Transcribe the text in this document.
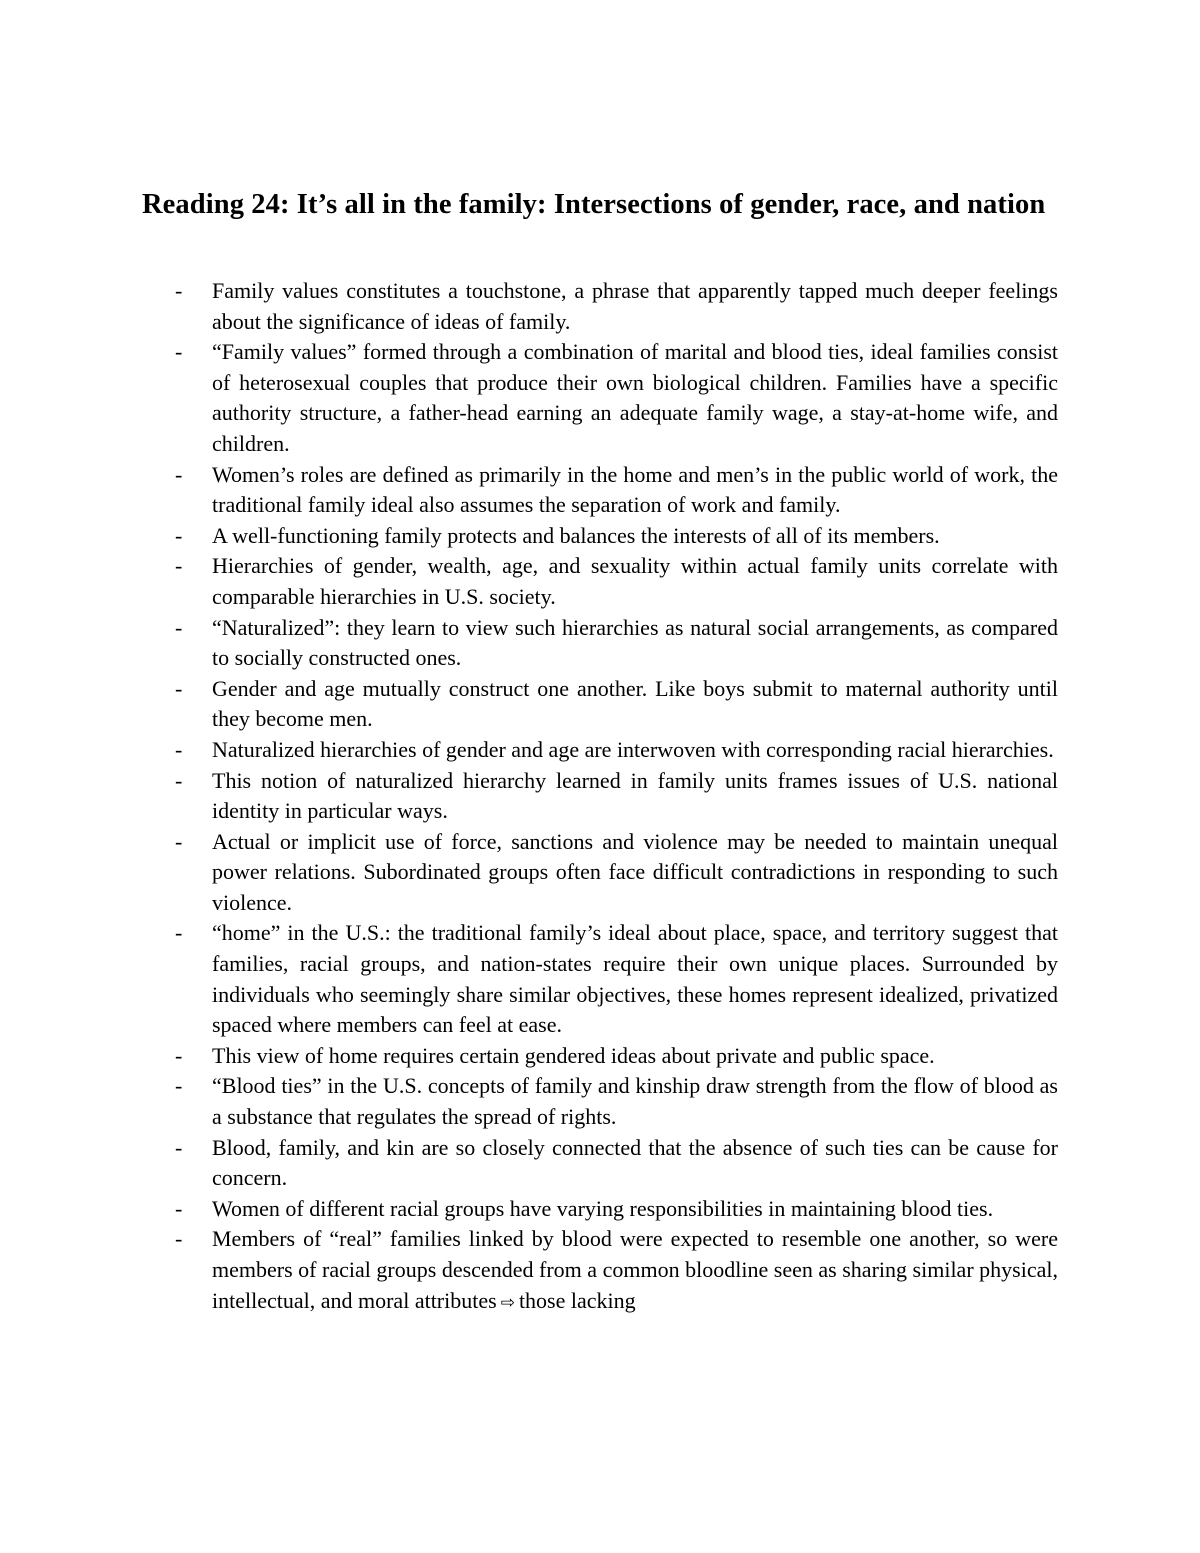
Reading 24: It’s all in the family: Intersections of gender, race, and nation
- Family values constitutes a touchstone, a phrase that apparently tapped much deeper feelings about the significance of ideas of family.
- “Family values” formed through a combination of marital and blood ties, ideal families consist of heterosexual couples that produce their own biological children. Families have a specific authority structure, a father-head earning an adequate family wage, a stay-at-home wife, and children.
- Women’s roles are defined as primarily in the home and men’s in the public world of work, the traditional family ideal also assumes the separation of work and family.
- A well-functioning family protects and balances the interests of all of its members.
- Hierarchies of gender, wealth, age, and sexuality within actual family units correlate with comparable hierarchies in U.S. society.
- “Naturalized”: they learn to view such hierarchies as natural social arrangements, as compared to socially constructed ones.
- Gender and age mutually construct one another. Like boys submit to maternal authority until they become men.
- Naturalized hierarchies of gender and age are interwoven with corresponding racial hierarchies.
- This notion of naturalized hierarchy learned in family units frames issues of U.S. national identity in particular ways.
- Actual or implicit use of force, sanctions and violence may be needed to maintain unequal power relations. Subordinated groups often face difficult contradictions in responding to such violence.
- “home” in the U.S.: the traditional family’s ideal about place, space, and territory suggest that families, racial groups, and nation-states require their own unique places. Surrounded by individuals who seemingly share similar objectives, these homes represent idealized, privatized spaced where members can feel at ease.
- This view of home requires certain gendered ideas about private and public space.
- “Blood ties” in the U.S. concepts of family and kinship draw strength from the flow of blood as a substance that regulates the spread of rights.
- Blood, family, and kin are so closely connected that the absence of such ties can be cause for concern.
- Women of different racial groups have varying responsibilities in maintaining blood ties.
- Members of “real” families linked by blood were expected to resemble one another, so were members of racial groups descended from a common bloodline seen as sharing similar physical, intellectual, and moral attributes ⇨ those lacking
